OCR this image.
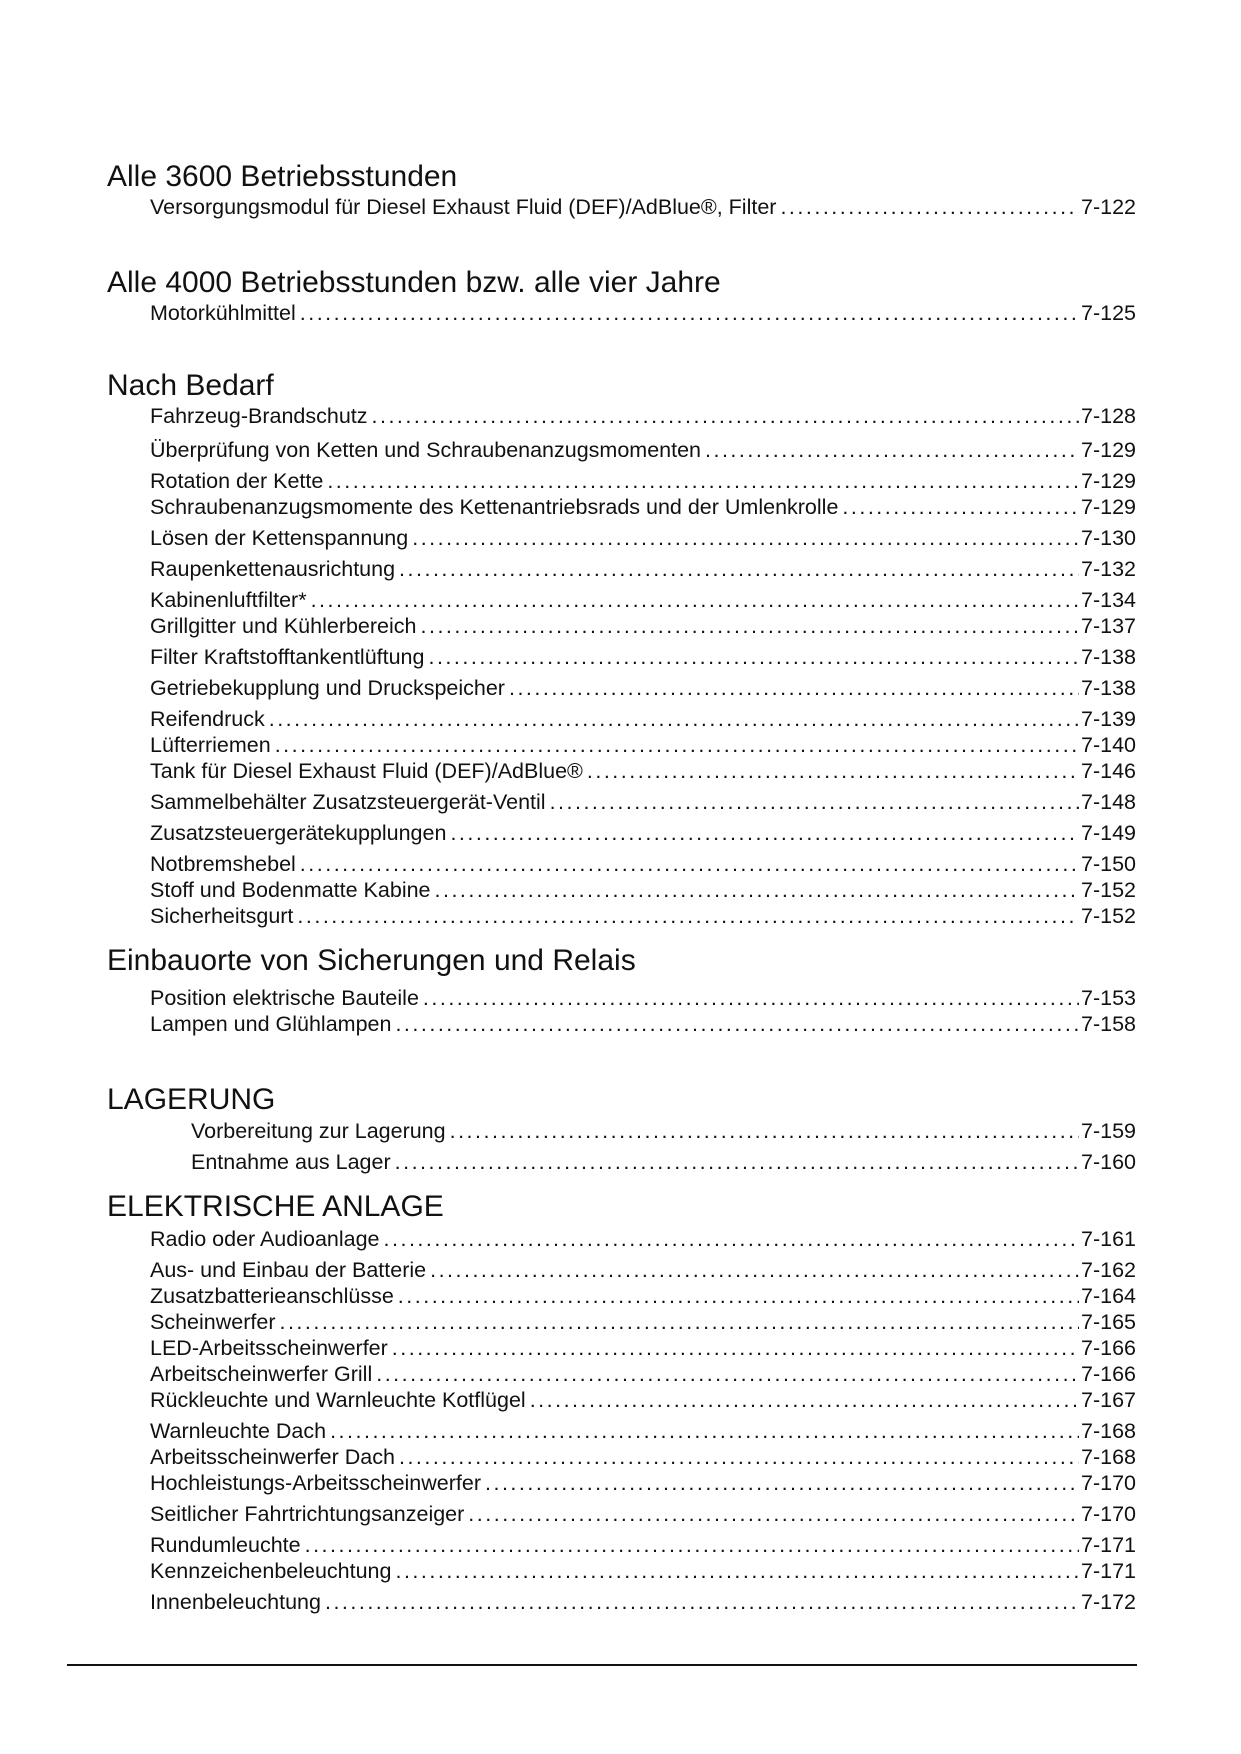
Alle 3600 Betriebsstunden
Versorgungsmodul für Diesel Exhaust Fluid (DEF)/AdBlue®, Filter .....	7-122
Alle 4000 Betriebsstunden bzw. alle vier Jahre
Motorkühlmittel .....	7-125
Nach Bedarf
Fahrzeug-Brandschutz .....	7-128
Überprüfung von Ketten und Schraubenanzugsmomenten .....	7-129
Rotation der Kette .....	7-129
Schraubenanzugsmomente des Kettenantriebsrads und der Umlenkrolle .....	7-129
Lösen der Kettenspannung .....	7-130
Raupenkettenausrichtung .....	7-132
Kabinenluftfilter* .....	7-134
Grillgitter und Kühlerbereich .....	7-137
Filter Kraftstofftankentlüftung .....	7-138
Getriebekupplung und Druckspeicher .....	7-138
Reifendruck .....	7-139
Lüfterriemen .....	7-140
Tank für Diesel Exhaust Fluid (DEF)/AdBlue® .....	7-146
Sammelbehälter Zusatzsteuergerät-Ventil .....	7-148
Zusatzsteuergerätekupplungen .....	7-149
Notbremshebel .....	7-150
Stoff und Bodenmatte Kabine .....	7-152
Sicherheitsgurt .....	7-152
Einbauorte von Sicherungen und Relais
Position elektrische Bauteile .....	7-153
Lampen und Glühlampen .....	7-158
LAGERUNG
Vorbereitung zur Lagerung .....	7-159
Entnahme aus Lager .....	7-160
ELEKTRISCHE ANLAGE
Radio oder Audioanlage .....	7-161
Aus- und Einbau der Batterie .....	7-162
Zusatzbatterieanschlüsse .....	7-164
Scheinwerfer .....	7-165
LED-Arbeitsscheinwerfer .....	7-166
Arbeitscheinwerfer Grill .....	7-166
Rückleuchte und Warnleuchte Kotflügel .....	7-167
Warnleuchte Dach .....	7-168
Arbeitsscheinwerfer Dach .....	7-168
Hochleistungs-Arbeitsscheinwerfer .....	7-170
Seitlicher Fahrtrichtungsanzeiger .....	7-170
Rundumleuchte .....	7-171
Kennzeichenbeleuchtung .....	7-171
Innenbeleuchtung .....	7-172
